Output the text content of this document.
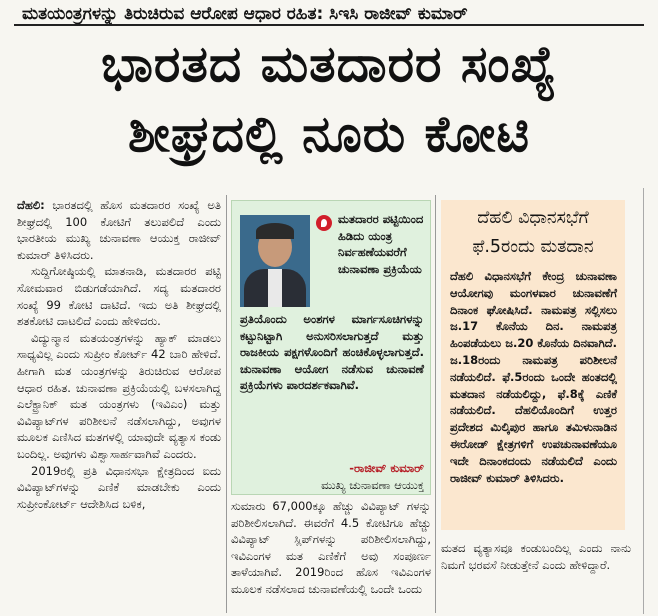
ಮತಯಂತ್ರಗಳನ್ನು ತಿರುಚಿರುವ ಆರೋಪ ಆಧಾರ ರಹಿತ: ಸಿಇಸಿ ರಾಜೀವ್ ಕುಮಾರ್
ಭಾರತದ ಮತದಾರರ ಸಂಖ್ಯೆ
ಶೀಘ್ರದಲ್ಲಿ ನೂರು ಕೋಟಿ

ದೆಹಲಿ: ಭಾರತದಲ್ಲಿ ಹೊಸ ಮತದಾರರ ಸಂಖ್ಯೆ ಅತಿ ಶೀಘ್ರದಲ್ಲಿ 100 ಕೋಟಿಗೆ ತಲುಪಲಿದೆ ಎಂದು ಭಾರತೀಯ ಮುಖ್ಯ ಚುನಾವಣಾ ಆಯುಕ್ತ ರಾಜೀವ್ ಕುಮಾರ್ ತಿಳಿಸಿದರು.

ಸುದ್ದಿಗೋಷ್ಠಿಯಲ್ಲಿ ಮಾತನಾಡಿ, ಮತದಾರರ ಪಟ್ಟಿ ಸೋಮವಾರ ಬಿಡುಗಡೆಯಾಗಿದೆ. ಸದ್ಯ ಮತದಾರರ ಸಂಖ್ಯೆ 99 ಕೋಟಿ ದಾಟಿದೆ. ಇದು ಅತಿ ಶೀಘ್ರದಲ್ಲಿ ಶತಕೋಟಿ ದಾಟಲಿದೆ ಎಂದು ಹೇಳಿದರು.

ವಿದ್ಯುನ್ಮಾನ ಮತಯಂತ್ರಗಳನ್ನು ಹ್ಯಾಕ್ ಮಾಡಲು ಸಾಧ್ಯವಿಲ್ಲ ಎಂದು ಸುಪ್ರೀಂ ಕೋರ್ಟ್ 42 ಬಾರಿ ಹೇಳಿದೆ. ಹೀಗಾಗಿ ಮತ ಯಂತ್ರಗಳನ್ನು ತಿರುಚಿರುವ ಆರೋಪ ಆಧಾರ ರಹಿತ. ಚುನಾವಣಾ ಪ್ರಕ್ರಿಯೆಯಲ್ಲಿ ಬಳಸಲಾಗಿದ್ದ ಎಲೆಕ್ಟ್ರಾನಿಕ್ ಮತ ಯಂತ್ರಗಳು (ಇವಿಎಂ) ಮತ್ತು ವಿವಿಪ್ಯಾಟ್‌ಗಳ ಪರಿಶೀಲನೆ ನಡೆಸಲಾಗಿದ್ದು, ಅವುಗಳ ಮೂಲಕ ಎಣಿಸಿದ ಮತಗಳಲ್ಲಿ ಯಾವುದೇ ವ್ಯತ್ಯಾಸ ಕಂಡು ಬಂದಿಲ್ಲ. ಅವುಗಳು ವಿಶ್ವಾಸಾರ್ಹವಾಗಿವೆ ಎಂದರು.

2019ರಲ್ಲಿ ಪ್ರತಿ ವಿಧಾನಸಭಾ ಕ್ಷೇತ್ರದಿಂದ ಐದು ವಿವಿಪ್ಯಾಟ್‌ಗಳನ್ನು ಎಣಿಕೆ ಮಾಡಬೇಕು ಎಂದು ಸುಪ್ರೀಂಕೋರ್ಟ್ ಆದೇಶಿಸಿದ ಬಳಿಕ,

ಮತದಾರರ ಪಟ್ಟಿಯಿಂದ ಹಿಡಿದು ಯಂತ್ರ ನಿರ್ವಹಣೆಯವರೆಗೆ ಚುನಾವಣಾ ಪ್ರಕ್ರಿಯೆಯ
ಪ್ರತಿಯೊಂದು ಅಂಶಗಳ ಮಾರ್ಗಸೂಚಿಗಳನ್ನು ಕಟ್ಟುನಿಟ್ಟಾಗಿ ಅನುಸರಿಸಲಾಗುತ್ತದೆ ಮತ್ತು ರಾಜಕೀಯ ಪಕ್ಷಗಳೊಂದಿಗೆ ಹಂಚಿಕೊಳ್ಳಲಾಗುತ್ತದೆ. ಚುನಾವಣಾ ಆಯೋಗ ನಡೆಸುವ ಚುನಾವಣೆ ಪ್ರಕ್ರಿಯೆಗಳು ಪಾರದರ್ಶಕವಾಗಿವೆ.
-ರಾಜೀವ್ ಕುಮಾರ್
ಮುಖ್ಯ ಚುನಾವಣಾ ಆಯುಕ್ತ
ಸುಮಾರು 67,000ಕ್ಕೂ ಹೆಚ್ಚು ವಿವಿಪ್ಯಾಟ್ ಗಳನ್ನು ಪರಿಶೀಲಿಸಲಾಗಿದೆ. ಈವರೆಗೆ 4.5 ಕೋಟಿಗೂ ಹೆಚ್ಚು ವಿವಿಪ್ಯಾಟ್ ಸ್ಲಿಪ್‌ಗಳನ್ನು ಪರಿಶೀಲಿಸಲಾಗಿದ್ದು, ಇವಿಎಂಗಳ ಮತ ಎಣಿಕೆಗೆ ಅವು ಸಂಪೂರ್ಣ ತಾಳೆಯಾಗಿವೆ. 2019ರಿಂದ ಹೊಸ ಇವಿಎಂಗಳ ಮೂಲಕ ನಡೆಸಲಾದ ಚುನಾವಣೆಯಲ್ಲಿ ಒಂದೇ ಒಂದು
ದೆಹಲಿ ವಿಧಾನಸಭೆಗೆ
ಫೆ.5ರಂದು ಮತದಾನ
ದೆಹಲಿ ವಿಧಾನಸಭೆಗೆ ಕೇಂದ್ರ ಚುನಾವಣಾ ಆಯೋಗವು ಮಂಗಳವಾರ ಚುನಾವಣೆಗೆ ದಿನಾಂಕ ಘೋಷಿಸಿದೆ. ನಾಮಪತ್ರ ಸಲ್ಲಿಸಲು ಜ.17 ಕೊನೆಯ ದಿನ. ನಾಮಪತ್ರ ಹಿಂಪಡೆಯಲು ಜ.20 ಕೊನೆಯ ದಿನವಾಗಿದೆ. ಜ.18ರಂದು ನಾಮಪತ್ರ ಪರಿಶೀಲನೆ ನಡೆಯಲಿದೆ. ಫೆ.5ರಂದು ಒಂದೇ ಹಂತದಲ್ಲಿ ಮತದಾನ ನಡೆಯಲಿದ್ದು, ಫೆ.8ಕ್ಕೆ ಎಣಿಕೆ ನಡೆಯಲಿದೆ. ದೆಹಲಿಯೊಂದಿಗೆ ಉತ್ತರ ಪ್ರದೇಶದ ಮಿಲ್ಕಿಪುರ ಹಾಗೂ ತಮಿಳುನಾಡಿನ ಈರೋಡ್ ಕ್ಷೇತ್ರಗಳಿಗೆ ಉಪಚುನಾವಣೆಯೂ ಇದೇ ದಿನಾಂಕದಂದು ನಡೆಯಲಿದೆ ಎಂದು ರಾಜೀವ್ ಕುಮಾರ್ ತಿಳಿಸಿದರು.
ಮತದ ವ್ಯತ್ಯಾಸವೂ ಕಂಡುಬಂದಿಲ್ಲ ಎಂದು ನಾನು ನಿಮಗೆ ಭರವಸೆ ನೀಡುತ್ತೇನೆ ಎಂದು ಹೇಳಿದ್ದಾರೆ.
